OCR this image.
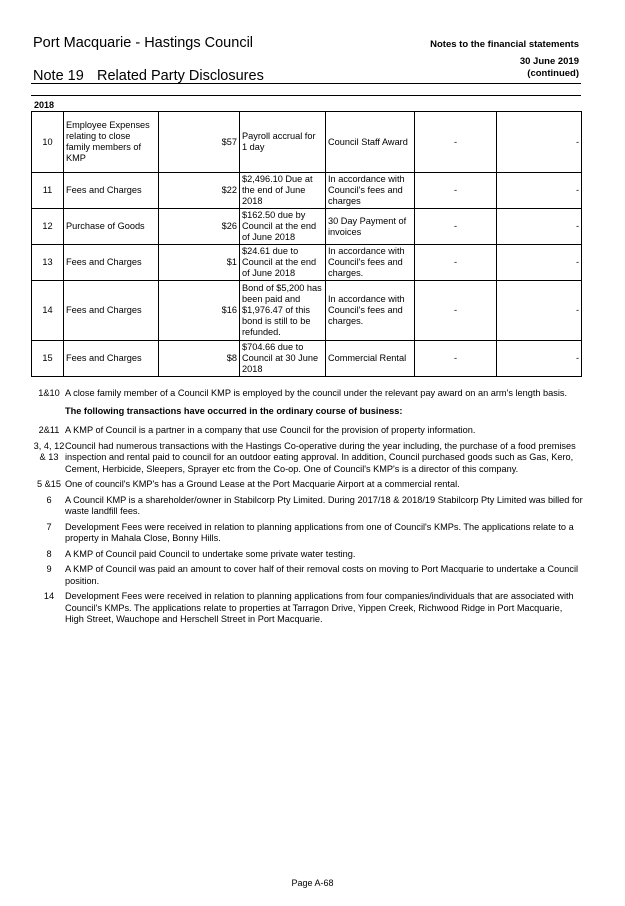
Port Macquarie - Hastings Council	Notes to the financial statements
30 June 2019
(continued)
Note 19 Related Party Disclosures
2018
10	Employee Expenses relating to close family members of KMP	$57	Payroll accrual for 1 day	Council Staff Award	-	-
11	Fees and Charges	$22	$2,496.10 Due at the end of June 2018	In accordance with Council's fees and charges	-	-
12	Purchase of Goods	$26	$162.50 due by Council at the end of June 2018	30 Day Payment of invoices	-	-
13	Fees and Charges	$1	$24.61 due to Council at the end of June 2018	In accordance with Council's fees and charges.	-	-
14	Fees and Charges	$16	Bond of $5,200 has been paid and $1,976.47 of this bond is still to be refunded.	In accordance with Council's fees and charges.	-	-
15	Fees and Charges	$8	$704.66 due to Council at 30 June 2018	Commercial Rental	-	-
1&10 A close family member of a Council KMP is employed by the council under the relevant pay award on an arm's length basis.
The following transactions have occurred in the ordinary course of business:
2&11 A KMP of Council is a partner in a company that use Council for the provision of property information.
3, 4, 12 & 13
Council had numerous transactions with the Hastings Co-operative during the year including, the purchase of a food premises inspection and rental paid to council for an outdoor eating approval. In addition, Council purchased goods such as Gas, Kero, Cement, Herbicide, Sleepers, Sprayer etc from the Co-op. One of Council's KMP's is a director of this company.
5 &15 One of council's KMP's has a Ground Lease at the Port Macquarie Airport at a commercial rental.
6	A Council KMP is a shareholder/owner in Stabilcorp Pty Limited. During 2017/18 & 2018/19 Stabilcorp Pty Limited was billed for waste landfill fees.
7	Development Fees were received in relation to planning applications from one of Council's KMPs. The applications relate to a property in Mahala Close, Bonny Hills.
8	A KMP of Council paid Council to undertake some private water testing.
9	A KMP of Council was paid an amount to cover half of their removal costs on moving to Port Macquarie to undertake a Council position.
14	Development Fees were received in relation to planning applications from four companies/individuals that are associated with Council's KMPs. The applications relate to properties at Tarragon Drive, Yippen Creek, Richwood Ridge in Port Macquarie, High Street, Wauchope and Herschell Street in Port Macquarie.
Page A-68
